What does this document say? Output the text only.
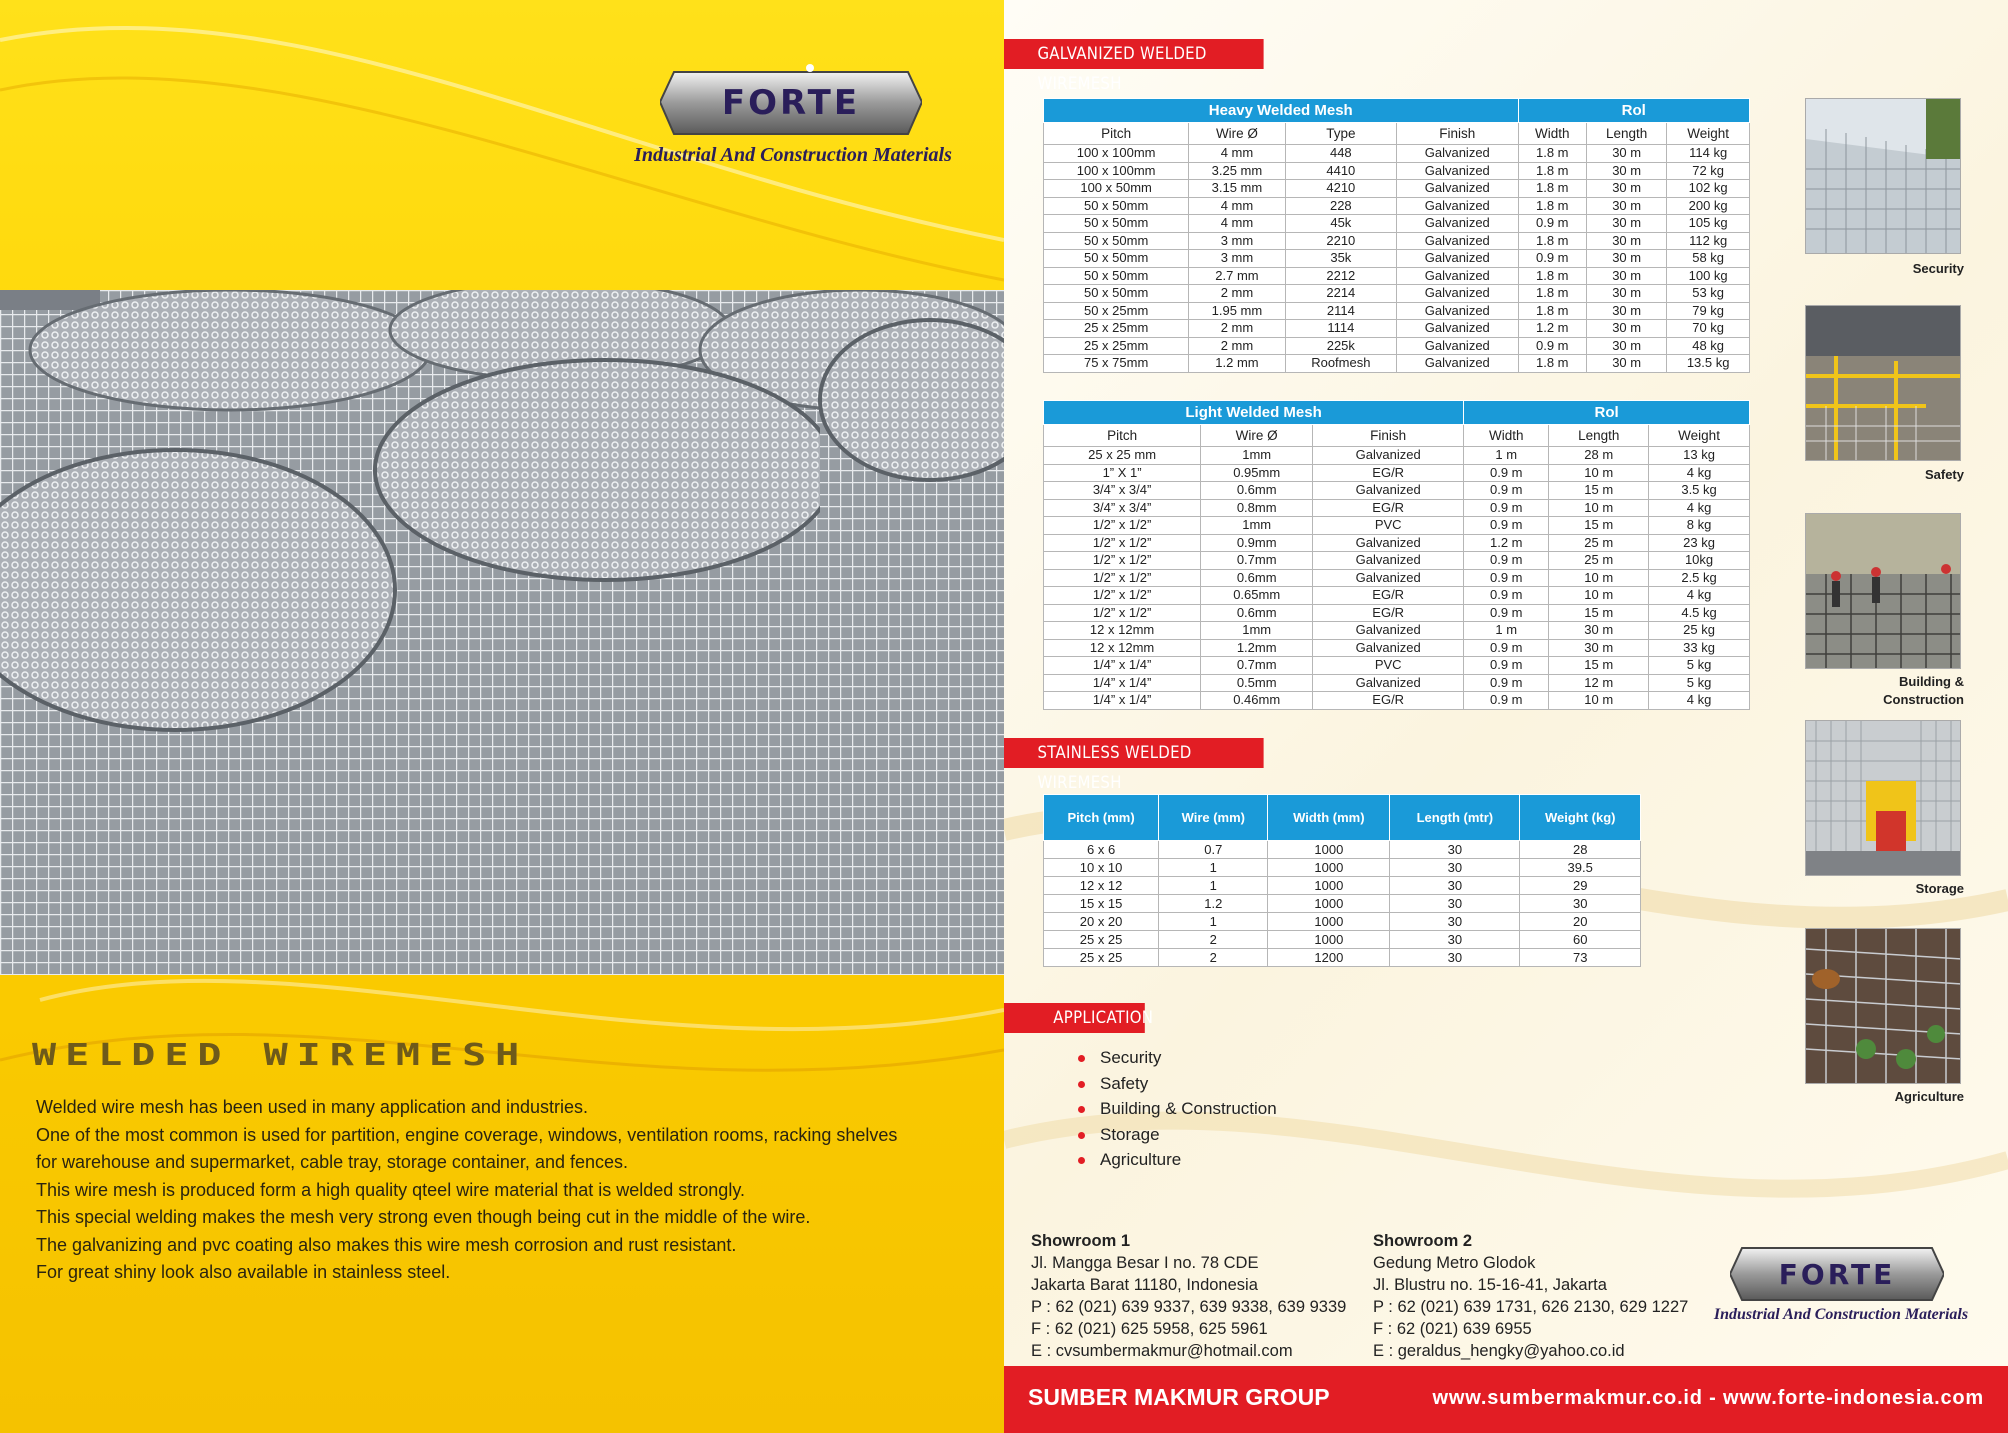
FORTE
Industrial And Construction Materials
WELDED WIREMESH

Welded wire mesh has been used in many application and industries.

One of the most common is used for partition, engine coverage, windows, ventilation rooms, racking shelves

for warehouse and supermarket, cable tray, storage container, and fences.

This wire mesh is produced form a high quality qteel wire material that is welded strongly.

This special welding makes the mesh very strong even though being cut in the middle of the wire.

The galvanizing and pvc coating also makes this wire mesh corrosion and rust resistant.

For great shiny look also available in stainless steel.

GALVANIZED WELDED WIREMESH
Heavy Welded Mesh				Rol		
Pitch	Wire Ø	Type	Finish	Width	Length	Weight
100 x 100mm	4 mm	448	Galvanized	1.8 m	30 m	114 kg
100 x 100mm	3.25 mm	4410	Galvanized	1.8 m	30 m	72 kg
100 x 50mm	3.15 mm	4210	Galvanized	1.8 m	30 m	102 kg
50 x 50mm	4 mm	228	Galvanized	1.8 m	30 m	200 kg
50 x 50mm	4 mm	45k	Galvanized	0.9 m	30 m	105 kg
50 x 50mm	3 mm	2210	Galvanized	1.8 m	30 m	112 kg
50 x 50mm	3 mm	35k	Galvanized	0.9 m	30 m	58 kg
50 x 50mm	2.7 mm	2212	Galvanized	1.8 m	30 m	100 kg
50 x 50mm	2 mm	2214	Galvanized	1.8 m	30 m	53 kg
50 x 25mm	1.95 mm	2114	Galvanized	1.8 m	30 m	79 kg
25 x 25mm	2 mm	1114	Galvanized	1.2 m	30 m	70 kg
25 x 25mm	2 mm	225k	Galvanized	0.9 m	30 m	48 kg
75 x 75mm	1.2 mm	Roofmesh	Galvanized	1.8 m	30 m	13.5 kg
Light Welded Mesh			Rol		
Pitch	Wire Ø	Finish	Width	Length	Weight
25 x 25 mm	1mm	Galvanized	1 m	28 m	13 kg
1” X 1”	0.95mm	EG/R	0.9 m	10 m	4 kg
3/4” x 3/4”	0.6mm	Galvanized	0.9 m	15 m	3.5 kg
3/4” x 3/4”	0.8mm	EG/R	0.9 m	10 m	4 kg
1/2” x 1/2”	1mm	PVC	0.9 m	15 m	8 kg
1/2” x 1/2”	0.9mm	Galvanized	1.2 m	25 m	23 kg
1/2” x 1/2”	0.7mm	Galvanized	0.9 m	25 m	10kg
1/2” x 1/2”	0.6mm	Galvanized	0.9 m	10 m	2.5 kg
1/2” x 1/2”	0.65mm	EG/R	0.9 m	10 m	4 kg
1/2” x 1/2”	0.6mm	EG/R	0.9 m	15 m	4.5 kg
12 x 12mm	1mm	Galvanized	1 m	30 m	25 kg
12 x 12mm	1.2mm	Galvanized	0.9 m	30 m	33 kg
1/4” x 1/4”	0.7mm	PVC	0.9 m	15 m	5 kg
1/4” x 1/4”	0.5mm	Galvanized	0.9 m	12 m	5 kg
1/4” x 1/4”	0.46mm	EG/R	0.9 m	10 m	4 kg
STAINLESS WELDED WIREMESH
Pitch (mm)	Wire (mm)	Width (mm)	Length (mtr)	Weight (kg)
6 x 6	0.7	1000	30	28
10 x 10	1	1000	30	39.5
12 x 12	1	1000	30	29
15 x 15	1.2	1000	30	30
20 x 20	1	1000	30	20
25 x 25	2	1000	30	60
25 x 25	2	1200	30	73
APPLICATION
Security
Safety
Building & Construction
Storage
Agriculture
Security
Safety
Building &
Construction
Storage
Agriculture
Showroom 1
Jl. Mangga Besar I no. 78 CDE
Jakarta Barat 11180, Indonesia
P : 62 (021) 639 9337, 639 9338, 639 9339
F : 62 (021) 625 5958, 625 5961
E : cvsumbermakmur@hotmail.com
Showroom 2
Gedung Metro Glodok
Jl. Blustru no. 15-16-41, Jakarta
P : 62 (021) 639 1731, 626 2130, 629 1227
F : 62 (021) 639 6955
E : geraldus_hengky@yahoo.co.id
FORTE
Industrial And Construction Materials
SUMBER MAKMUR GROUP	www.sumbermakmur.co.id - www.forte-indonesia.com
